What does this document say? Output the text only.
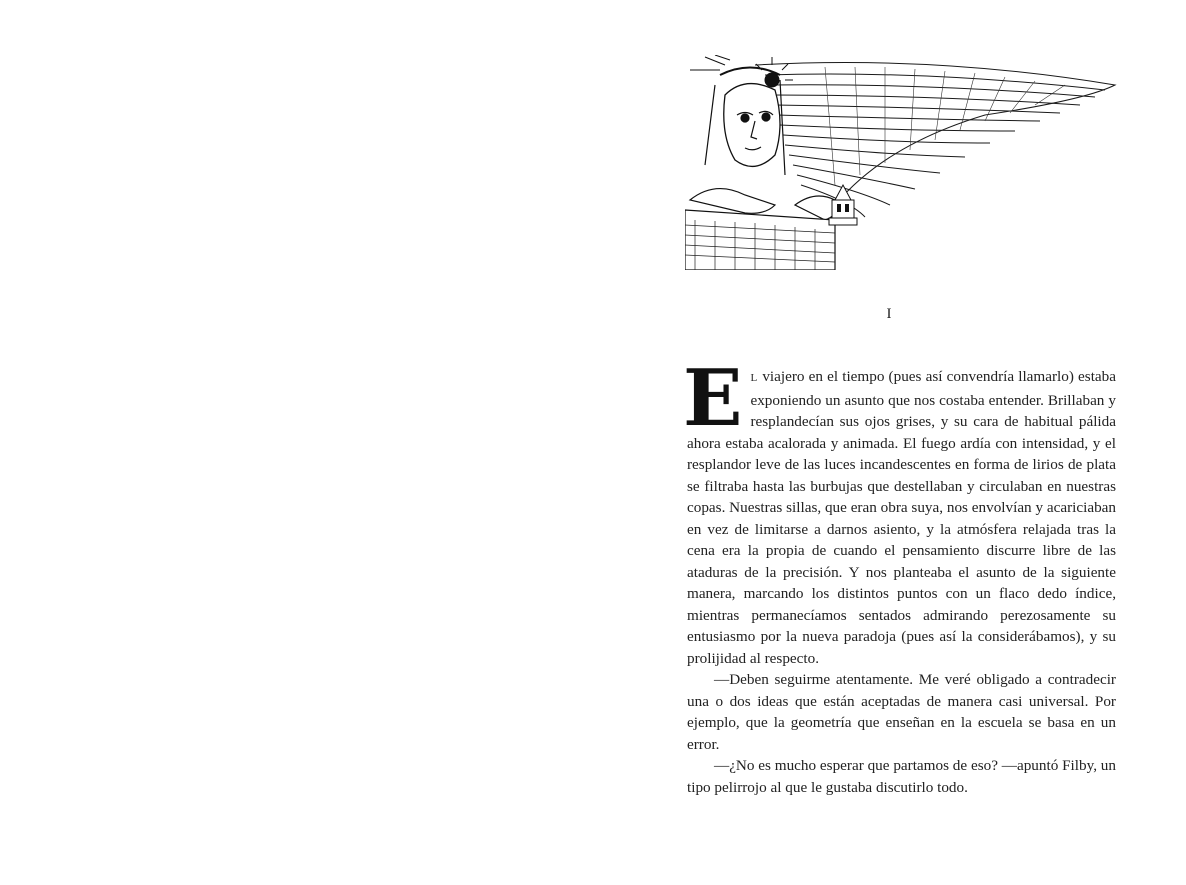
I

E L viajero en el tiempo (pues así convendría llamarlo) estaba exponiendo un asunto que nos costaba entender. Brillaban y resplandecían sus ojos grises, y su cara de habitual pálida ahora estaba acalorada y animada. El fuego ardía con intensidad, y el resplandor leve de las luces incandescentes en forma de lirios de plata se filtraba hasta las burbujas que destellaban y circulaban en nuestras copas. Nuestras sillas, que eran obra suya, nos envolvían y acariciaban en vez de limitarse a darnos asiento, y la atmósfera relajada tras la cena era la propia de cuando el pensamiento discurre libre de las ataduras de la precisión. Y nos planteaba el asunto de la siguiente manera, marcando los distintos puntos con un flaco dedo índice, mientras permanecíamos sentados admirando perezosamente su entusiasmo por la nueva paradoja (pues así la considerábamos), y su prolijidad al respecto.

—Deben seguirme atentamente. Me veré obligado a contradecir una o dos ideas que están aceptadas de manera casi universal. Por ejemplo, que la geometría que enseñan en la escuela se basa en un error.

—¿No es mucho esperar que partamos de eso? —apuntó Filby, un tipo pelirrojo al que le gustaba discutirlo todo.
